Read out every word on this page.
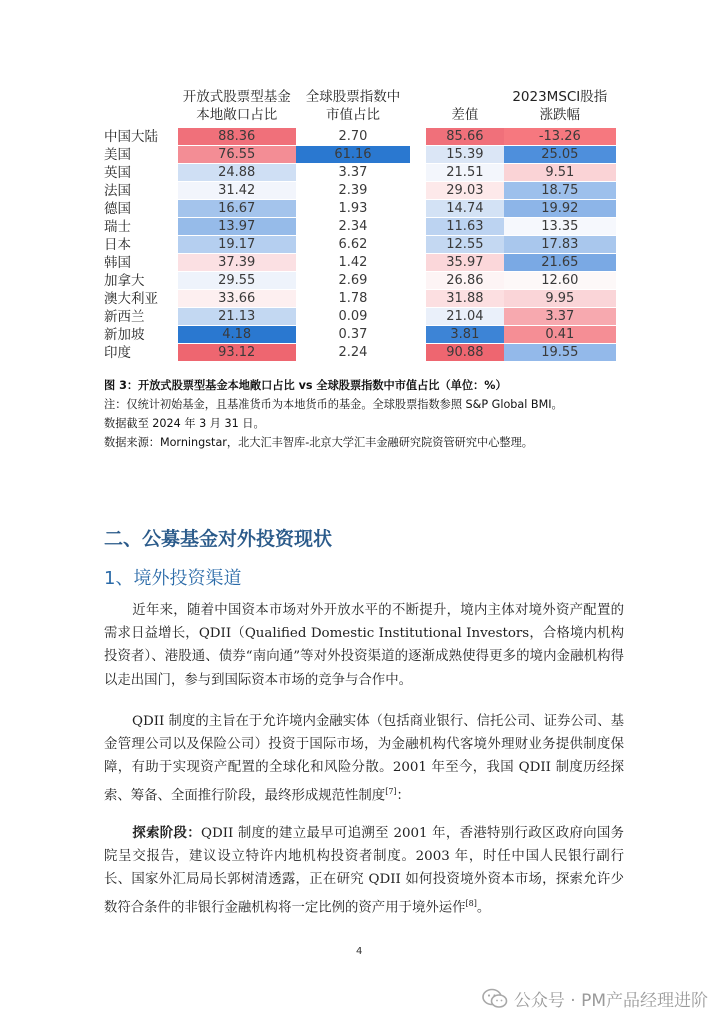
开放式股票型基金
本地敞口占比
全球股票指数中
市值占比	差值
2023MSCI股指
涨跌幅
中国大陆	88.36	2.70	85.66	-13.26
美国	76.55	61.16	15.39	25.05
英国	24.88	3.37	21.51	9.51
法国	31.42	2.39	29.03	18.75
德国	16.67	1.93	14.74	19.92
瑞士	13.97	2.34	11.63	13.35
日本	19.17	6.62	12.55	17.83
韩国	37.39	1.42	35.97	21.65
加拿大	29.55	2.69	26.86	12.60
澳大利亚	33.66	1.78	31.88	9.95
新西兰	21.13	0.09	21.04	3.37
新加坡	4.18	0.37	3.81	0.41
印度	93.12	2.24	90.88	19.55

图 3：开放式股票型基金本地敞口占比 vs 全球股票指数中市值占比（单位：%）

注：仅统计初始基金，且基准货币为本地货币的基金。全球股票指数参照 S&P Global BMI。

数据截至 2024 年 3 月 31 日。

数据来源：Morningstar，北大汇丰智库-北京大学汇丰金融研究院资管研究中心整理。

二、公募基金对外投资现状
1、境外投资渠道
近年来，随着中国资本市场对外开放水平的不断提升，境内主体对境外资产配置的需求日益增长，QDII（Qualified Domestic Institutional Investors，合格境内机构投资者）、港股通、债券“南向通”等对外投资渠道的逐渐成熟使得更多的境内金融机构得以走出国门，参与到国际资本市场的竞争与合作中。
QDII 制度的主旨在于允许境内金融实体（包括商业银行、信托公司、证券公司、基金管理公司以及保险公司）投资于国际市场，为金融机构代客境外理财业务提供制度保障，有助于实现资产配置的全球化和风险分散。2001 年至今，我国 QDII 制度历经探索、筹备、全面推行阶段，最终形成规范性制度[7]：
探索阶段：QDII 制度的建立最早可追溯至 2001 年，香港特别行政区政府向国务院呈交报告，建议设立特许内地机构投资者制度。2003 年，时任中国人民银行副行长、国家外汇局局长郭树清透露，正在研究 QDII 如何投资境外资本市场，探索允许少数符合条件的非银行金融机构将一定比例的资产用于境外运作[8]。
4
公众号 · PM产品经理进阶
